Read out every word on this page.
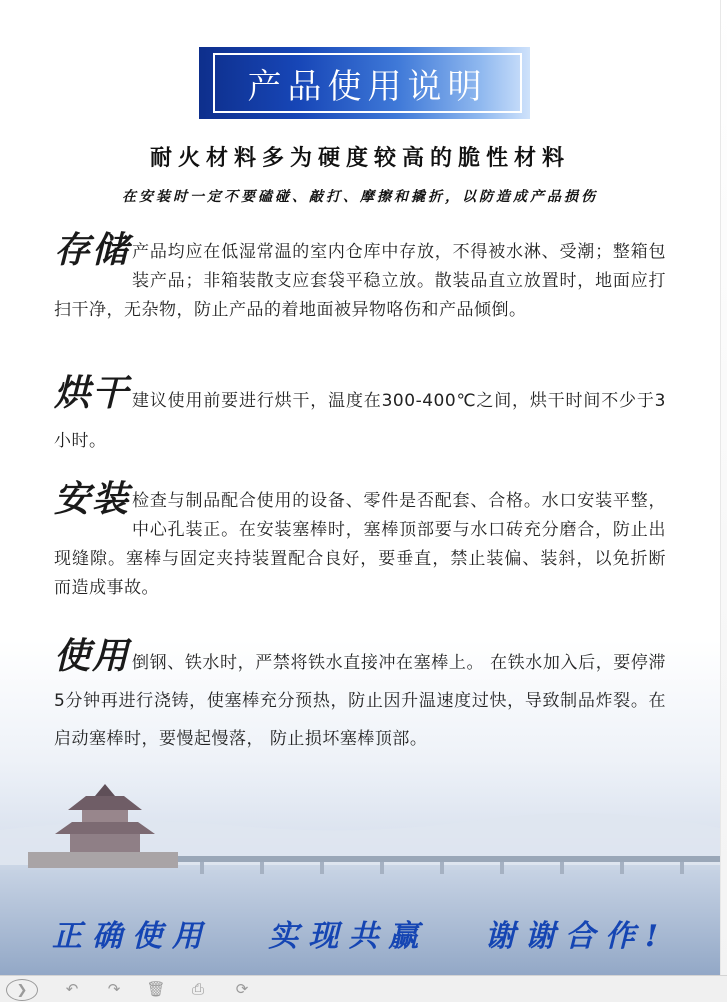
产品使用说明
耐火材料多为硬度较高的脆性材料
在安装时一定不要磕碰、敲打、摩擦和撬折，以防造成产品损伤
存储 产品均应在低湿常温的室内仓库中存放，不得被水淋、受潮；整箱包装产品；非箱装散支应套袋平稳立放。散装品直立放置时，地面应打扫干净，无杂物，防止产品的着地面被异物咯伤和产品倾倒。
烘干 建议使用前要进行烘干，温度在300-400℃之间，烘干时间不少于3小时。
安装 检查与制品配合使用的设备、零件是否配套、合格。水口安装平整，中心孔装正。在安装塞棒时，塞棒顶部要与水口砖充分磨合，防止出现缝隙。塞棒与固定夹持装置配合良好，要垂直，禁止装偏、装斜，以免折断而造成事故。
使用 倒钢、铁水时，严禁将铁水直接冲在塞棒上。 在铁水加入后，要停滞5分钟再进行浇铸，使塞棒充分预热，防止因升温速度过快，导致制品炸裂。在启动塞棒时，要慢起慢落， 防止损坏塞棒顶部。
正确使用 实现共赢 谢谢合作!
❯	↶ ↷ 🗑 ⎙ ⟳
